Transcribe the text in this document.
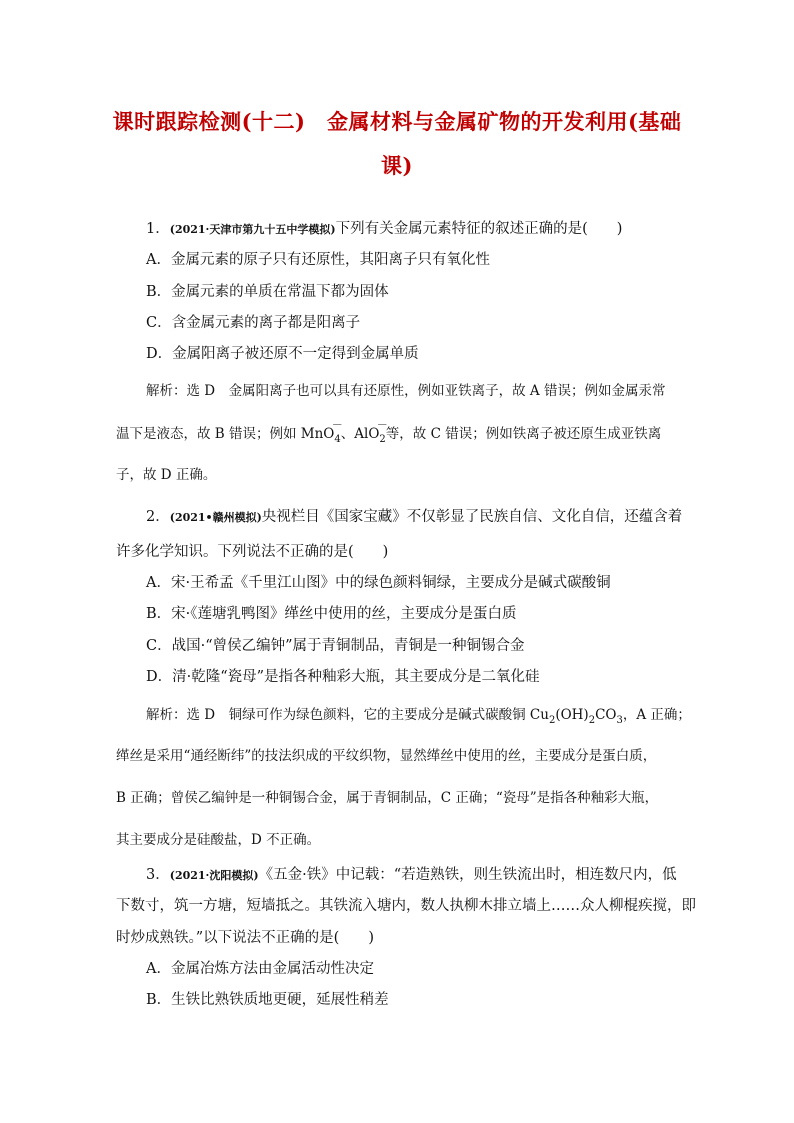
课时跟踪检测(十二)　金属材料与金属矿物的开发利用(基础
课)
1．(2021·天津市第九十五中学模拟)下列有关金属元素特征的叙述正确的是(　　)
A．金属元素的原子只有还原性，其阳离子只有氧化性
B．金属元素的单质在常温下都为固体
C．含金属元素的离子都是阳离子
D．金属阳离子被还原不一定得到金属单质
解析：选 D　金属阳离子也可以具有还原性，例如亚铁离子，故 A 错误；例如金属汞常
温下是液态，故 B 错误；例如 MnO$_4$
－
、AlO$_2$
－
等，故 C 错误；例如铁离子被还原生成亚铁离
子，故 D 正确。
2．(2021•赣州模拟)央视栏目《国家宝藏》不仅彰显了民族自信、文化自信，还蕴含着
许多化学知识。下列说法不正确的是(　　)
A．宋·王希孟《千里江山图》中的绿色颜料铜绿，主要成分是碱式碳酸铜
B．宋·《莲塘乳鸭图》缂丝中使用的丝，主要成分是蛋白质
C．战国·“曾侯乙编钟”属于青铜制品，青铜是一种铜锡合金
D．清·乾隆“瓷母”是指各种釉彩大瓶，其主要成分是二氧化硅
解析：选 D　铜绿可作为绿色颜料，它的主要成分是碱式碳酸铜 $Cu_2(OH)_2CO_3$，A 正确；
缂丝是采用“通经断纬”的技法织成的平纹织物，显然缂丝中使用的丝，主要成分是蛋白质，
B 正确；曾侯乙编钟是一种铜锡合金，属于青铜制品，C 正确；“瓷母”是指各种釉彩大瓶，
其主要成分是硅酸盐，D 不正确。
3．(2021·沈阳模拟)《五金·铁》中记载：“若造熟铁，则生铁流出时，相连数尺内，低
下数寸，筑一方塘，短墙抵之。其铁流入塘内，数人执柳木排立墙上……众人柳棍疾搅，即
时炒成熟铁。”以下说法不正确的是(　　)
A．金属冶炼方法由金属活动性决定
B．生铁比熟铁质地更硬，延展性稍差
